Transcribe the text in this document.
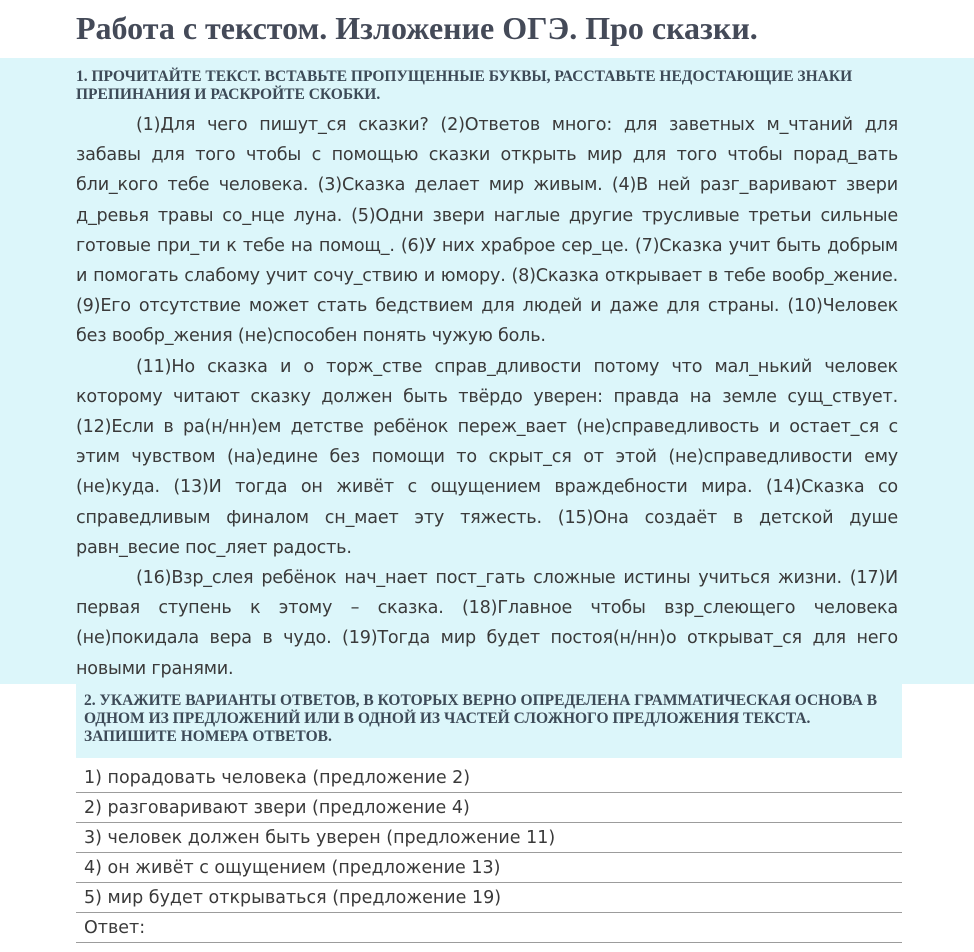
Работа с текстом. Изложение ОГЭ. Про сказки.
1. ПРОЧИТАЙТЕ ТЕКСТ. ВСТАВЬТЕ ПРОПУЩЕННЫЕ БУКВЫ, РАССТАВЬТЕ НЕДОСТАЮЩИЕ ЗНАКИ ПРЕПИНАНИЯ И РАСКРОЙТЕ СКОБКИ.

(1)Для чего пишут_ся сказки? (2)Ответов много: для заветных м_чтаний для забавы для того чтобы с помощью сказки открыть мир для того чтобы порад_вать бли_кого тебе человека. (3)Сказка делает мир живым. (4)В ней разг_варивают звери д_ревья травы со_нце луна. (5)Одни звери наглые другие трусливые третьи сильные готовые при_ти к тебе на помощ_. (6)У них храброе сер_це. (7)Сказка учит быть добрым и помогать слабому учит сочу_ствию и юмору. (8)Сказка открывает в тебе вообр_жение. (9)Его отсутствие может стать бедствием для людей и даже для страны. (10)Человек без вообр_жения (не)способен понять чужую боль.

(11)Но сказка и о торж_стве справ_дливости потому что мал_нький человек которому читают сказку должен быть твёрдо уверен: правда на земле сущ_ствует. (12)Если в ра(н/нн)ем детстве ребёнок переж_вает (не)справедливость и остает_ся с этим чувством (на)едине без помощи то скрыт_ся от этой (не)справедливости ему (не)куда. (13)И тогда он живёт с ощущением враждебности мира. (14)Сказка со справедливым финалом сн_мает эту тяжесть. (15)Она создаёт в детской душе равн_весие пос_ляет радость.

(16)Взр_слея ребёнок нач_нает пост_гать сложные истины учиться жизни. (17)И первая ступень к этому – сказка. (18)Главное чтобы взр_слеющего человека (не)покидала вера в чудо. (19)Тогда мир будет постоя(н/нн)о открыват_ся для него новыми гранями.

2. УКАЖИТЕ ВАРИАНТЫ ОТВЕТОВ, В КОТОРЫХ ВЕРНО ОПРЕДЕЛЕНА ГРАММАТИЧЕСКАЯ ОСНОВА В ОДНОМ ИЗ ПРЕДЛОЖЕНИЙ ИЛИ В ОДНОЙ ИЗ ЧАСТЕЙ СЛОЖНОГО ПРЕДЛОЖЕНИЯ ТЕКСТА. ЗАПИШИТЕ НОМЕРА ОТВЕТОВ.
1) порадовать человека (предложение 2)
2) разговаривают звери (предложение 4)
3) человек должен быть уверен (предложение 11)
4) он живёт с ощущением (предложение 13)
5) мир будет открываться (предложение 19)
Ответ:
